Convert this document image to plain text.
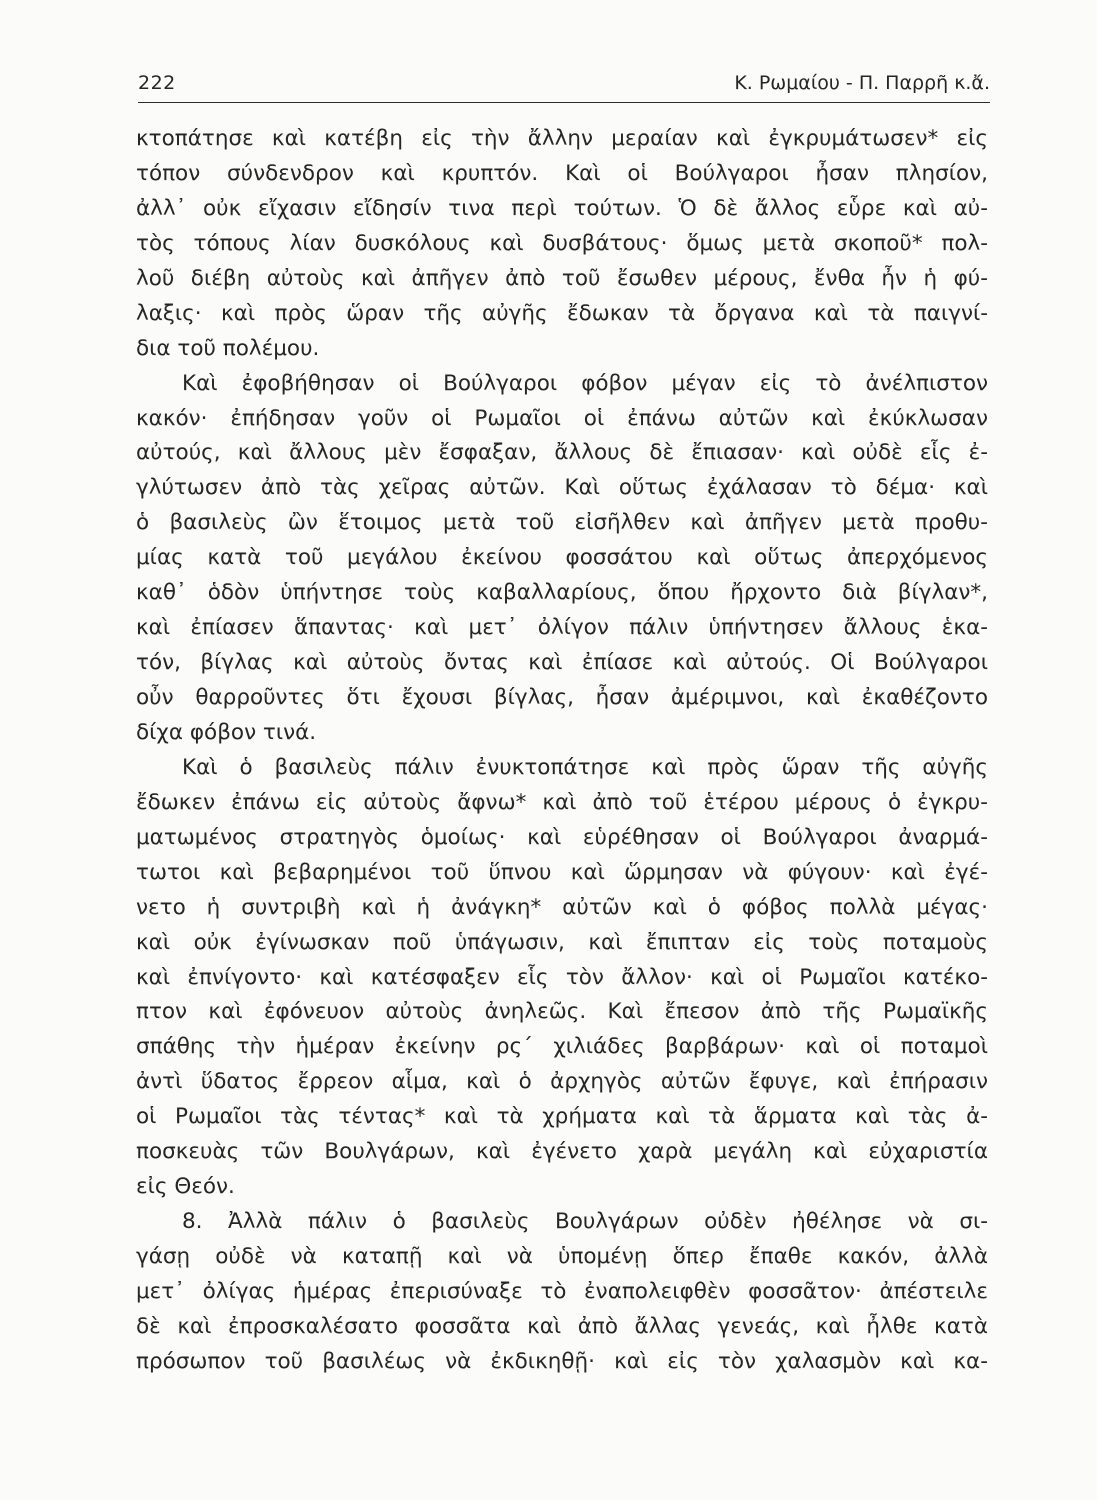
222	Κ. Ρωμαίου - Π. Παρρῆ κ.ἄ.
κτοπάτησε καὶ κατέβη εἰς τὴν ἄλλην μεραίαν καὶ ἐγκρυμάτωσεν* εἰς
τόπον σύνδενδρον καὶ κρυπτόν. Καὶ οἱ Βούλγαροι ἦσαν πλησίον,
ἀλλ᾽ οὐκ εἴχασιν εἴδησίν τινα περὶ τούτων. Ὁ δὲ ἄλλος εὗρε καὶ αὐ-
τὸς τόπους λίαν δυσκόλους καὶ δυσβάτους· ὅμως μετὰ σκοποῦ* πολ-
λοῦ διέβη αὐτοὺς καὶ ἀπῆγεν ἀπὸ τοῦ ἔσωθεν μέρους, ἔνθα ἦν ἡ φύ-
λαξις· καὶ πρὸς ὥραν τῆς αὐγῆς ἔδωκαν τὰ ὄργανα καὶ τὰ παιγνί-
δια τοῦ πολέμου.
Καὶ ἐφοβήθησαν οἱ Βούλγαροι φόβον μέγαν εἰς τὸ ἀνέλπιστον
κακόν· ἐπήδησαν γοῦν οἱ Ρωμαῖοι οἱ ἐπάνω αὐτῶν καὶ ἐκύκλωσαν
αὐτούς, καὶ ἄλλους μὲν ἔσφαξαν, ἄλλους δὲ ἔπιασαν· καὶ οὐδὲ εἷς ἐ-
γλύτωσεν ἀπὸ τὰς χεῖρας αὐτῶν. Καὶ οὕτως ἐχάλασαν τὸ δέμα· καὶ
ὁ βασιλεὺς ὢν ἕτοιμος μετὰ τοῦ εἰσῆλθεν καὶ ἀπῆγεν μετὰ προθυ-
μίας κατὰ τοῦ μεγάλου ἐκείνου φοσσάτου καὶ οὕτως ἀπερχόμενος
καθ᾽ ὁδὸν ὑπήντησε τοὺς καβαλλαρίους, ὅπου ἤρχοντο διὰ βίγλαν*,
καὶ ἐπίασεν ἅπαντας· καὶ μετ᾽ ὀλίγον πάλιν ὑπήντησεν ἄλλους ἑκα-
τόν, βίγλας καὶ αὐτοὺς ὄντας καὶ ἐπίασε καὶ αὐτούς. Οἱ Βούλγαροι
οὖν θαρροῦντες ὅτι ἔχουσι βίγλας, ἦσαν ἀμέριμνοι, καὶ ἐκαθέζοντο
δίχα φόβον τινά.
Καὶ ὁ βασιλεὺς πάλιν ἐνυκτοπάτησε καὶ πρὸς ὥραν τῆς αὐγῆς
ἔδωκεν ἐπάνω εἰς αὐτοὺς ἄφνω* καὶ ἀπὸ τοῦ ἑτέρου μέρους ὁ ἐγκρυ-
ματωμένος στρατηγὸς ὁμοίως· καὶ εὑρέθησαν οἱ Βούλγαροι ἀναρμά-
τωτοι καὶ βεβαρημένοι τοῦ ὕπνου καὶ ὥρμησαν νὰ φύγουν· καὶ ἐγέ-
νετο ἡ συντριβὴ καὶ ἡ ἀνάγκη* αὐτῶν καὶ ὁ φόβος πολλὰ μέγας·
καὶ οὐκ ἐγίνωσκαν ποῦ ὑπάγωσιν, καὶ ἔπιπταν εἰς τοὺς ποταμοὺς
καὶ ἐπνίγοντο· καὶ κατέσφαξεν εἷς τὸν ἄλλον· καὶ οἱ Ρωμαῖοι κατέκο-
πτον καὶ ἐφόνευον αὐτοὺς ἀνηλεῶς. Καὶ ἔπεσον ἀπὸ τῆς Ρωμαϊκῆς
σπάθης τὴν ἡμέραν ἐκείνην ρς΄ χιλιάδες βαρβάρων· καὶ οἱ ποταμοὶ
ἀντὶ ὕδατος ἔρρεον αἷμα, καὶ ὁ ἀρχηγὸς αὐτῶν ἔφυγε, καὶ ἐπήρασιν
οἱ Ρωμαῖοι τὰς τέντας* καὶ τὰ χρήματα καὶ τὰ ἅρματα καὶ τὰς ἀ-
ποσκευὰς τῶν Βουλγάρων, καὶ ἐγένετο χαρὰ μεγάλη καὶ εὐχαριστία
εἰς Θεόν.
8. Ἀλλὰ πάλιν ὁ βασιλεὺς Βουλγάρων οὐδὲν ἠθέλησε νὰ σι-
γάσῃ οὐδὲ νὰ καταπῇ καὶ νὰ ὑπομένῃ ὅπερ ἔπαθε κακόν, ἀλλὰ
μετ᾽ ὀλίγας ἡμέρας ἐπερισύναξε τὸ ἐναπολειφθὲν φοσσᾶτον· ἀπέστειλε
δὲ καὶ ἐπροσκαλέσατο φοσσᾶτα καὶ ἀπὸ ἄλλας γενεάς, καὶ ἦλθε κατὰ
πρόσωπον τοῦ βασιλέως νὰ ἐκδικηθῇ· καὶ εἰς τὸν χαλασμὸν καὶ κα-
